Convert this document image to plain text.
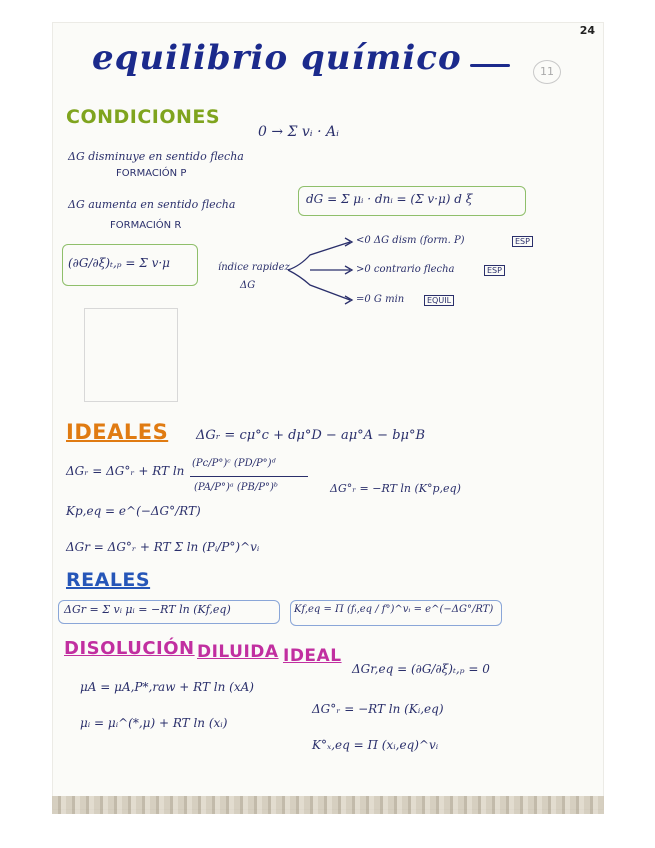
24
equilibrio químico	11
CONDICIONES
0 → Σ vᵢ · Aᵢ
ΔG disminuye en sentido flecha
FORMACIÓN P
ΔG aumenta en sentido flecha
FORMACIÓN R
dG = Σ μᵢ · dnᵢ = (Σ v·μ) d ξ
(∂G/∂ξ)ₜ,ₚ = Σ v·μ	índice rapidez
ΔG
<0 ΔG dism (form. P)	ESP
>0 contrario flecha	ESP
=0 G min	EQUIL
IDEALES ΔGᵣ = cμ°c + dμ°D − aμ°A − bμ°B
ΔGᵣ = ΔG°ᵣ + RT ln
(Pc/P°)ᶜ (PD/P°)ᵈ
(PA/P°)ᵃ (PB/P°)ᵇ	ΔG°ᵣ = −RT ln (K°p,eq)
Kp,eq = e^(−ΔG°/RT)
ΔGr = ΔG°ᵣ + RT Σ ln (Pᵢ/P°)^vᵢ
REALES
ΔGr = Σ vᵢ μᵢ = −RT ln (Kf,eq)	Kf,eq = Π (fᵢ,eq / f°)^vᵢ = e^(−ΔG°/RT)
DISOLUCIÓN DILUIDA IDEAL
ΔGr,eq = (∂G/∂ξ)ₜ,ₚ = 0
μA = μA,P*,raw + RT ln (xA)
ΔG°ᵣ = −RT ln (Kᵢ,eq)
μᵢ = μᵢ^(*,μ) + RT ln (xᵢ)
K°ₓ,eq = Π (xᵢ,eq)^vᵢ
